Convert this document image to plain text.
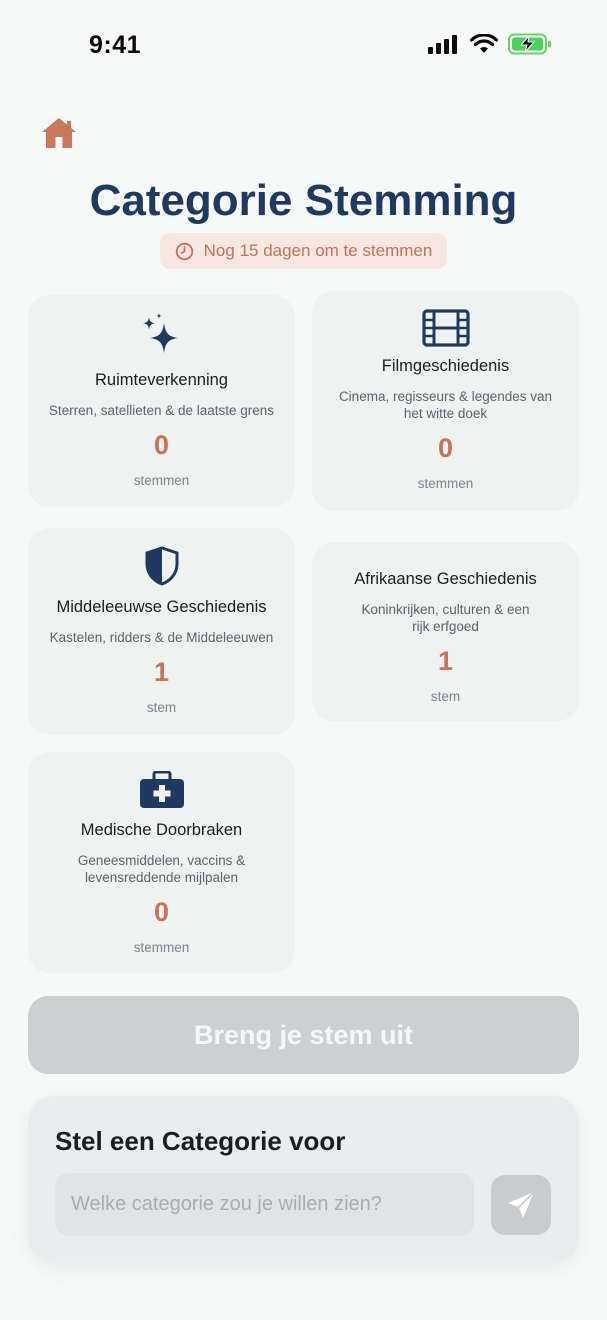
9:41
Categorie Stemming
Nog 15 dagen om te stemmen
Ruimteverkenning
Sterren, satellieten & de laatste grens
0
stemmen
Filmgeschiedenis
Cinema, regisseurs & legendes van
het witte doek
0
stemmen
Middeleeuwse Geschiedenis
Kastelen, ridders & de Middeleeuwen
1
stem
Afrikaanse Geschiedenis
Koninkrijken, culturen & een
rijk erfgoed
1
stem
Medische Doorbraken
Geneesmiddelen, vaccins &
levensreddende mijlpalen
0
stemmen
Breng je stem uit
Stel een Categorie voor
Welke categorie zou je willen zien?
